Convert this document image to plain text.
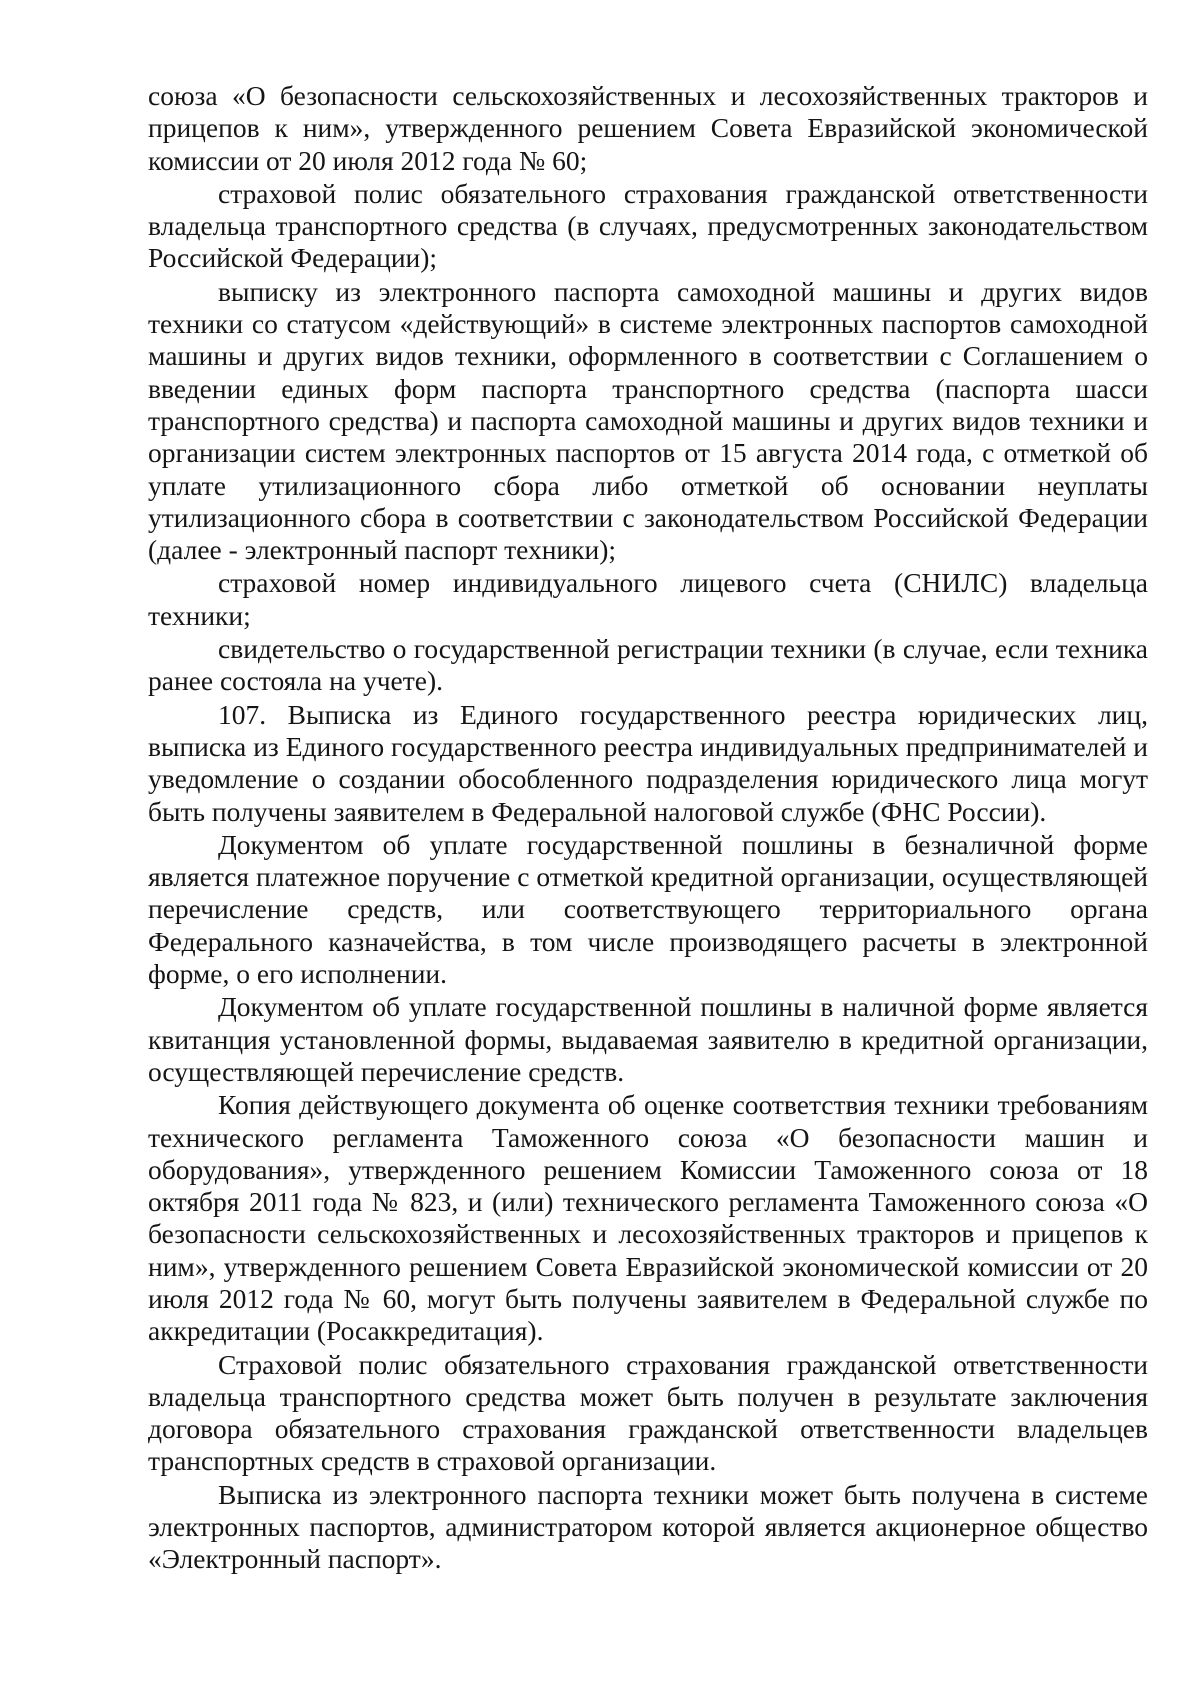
союза «О безопасности сельскохозяйственных и лесохозяйственных тракторов и прицепов к ним», утвержденного решением Совета Евразийской экономической комиссии от 20 июля 2012 года № 60;

страховой полис обязательного страхования гражданской ответственности владельца транспортного средства (в случаях, предусмотренных законодательством Российской Федерации);

выписку из электронного паспорта самоходной машины и других видов техники со статусом «действующий» в системе электронных паспортов самоходной машины и других видов техники, оформленного в соответствии с Соглашением о введении единых форм паспорта транспортного средства (паспорта шасси транспортного средства) и паспорта самоходной машины и других видов техники и организации систем электронных паспортов от 15 августа 2014 года, с отметкой об уплате утилизационного сбора либо отметкой об основании неуплаты утилизационного сбора в соответствии с законодательством Российской Федерации (далее - электронный паспорт техники);

страховой номер индивидуального лицевого счета (СНИЛС) владельца техники;

свидетельство о государственной регистрации техники (в случае, если техника ранее состояла на учете).

107. Выписка из Единого государственного реестра юридических лиц, выписка из Единого государственного реестра индивидуальных предпринимателей и уведомление о создании обособленного подразделения юридического лица могут быть получены заявителем в Федеральной налоговой службе (ФНС России).

Документом об уплате государственной пошлины в безналичной форме является платежное поручение с отметкой кредитной организации, осуществляющей перечисление средств, или соответствующего территориального органа Федерального казначейства, в том числе производящего расчеты в электронной форме, о его исполнении.

Документом об уплате государственной пошлины в наличной форме является квитанция установленной формы, выдаваемая заявителю в кредитной организации, осуществляющей перечисление средств.

Копия действующего документа об оценке соответствия техники требованиям технического регламента Таможенного союза «О безопасности машин и оборудования», утвержденного решением Комиссии Таможенного союза от 18 октября 2011 года № 823, и (или) технического регламента Таможенного союза «О безопасности сельскохозяйственных и лесохозяйственных тракторов и прицепов к ним», утвержденного решением Совета Евразийской экономической комиссии от 20 июля 2012 года № 60, могут быть получены заявителем в Федеральной службе по аккредитации (Росаккредитация).

Страховой полис обязательного страхования гражданской ответственности владельца транспортного средства может быть получен в результате заключения договора обязательного страхования гражданской ответственности владельцев транспортных средств в страховой организации.

Выписка из электронного паспорта техники может быть получена в системе электронных паспортов, администратором которой является акционерное общество «Электронный паспорт».
